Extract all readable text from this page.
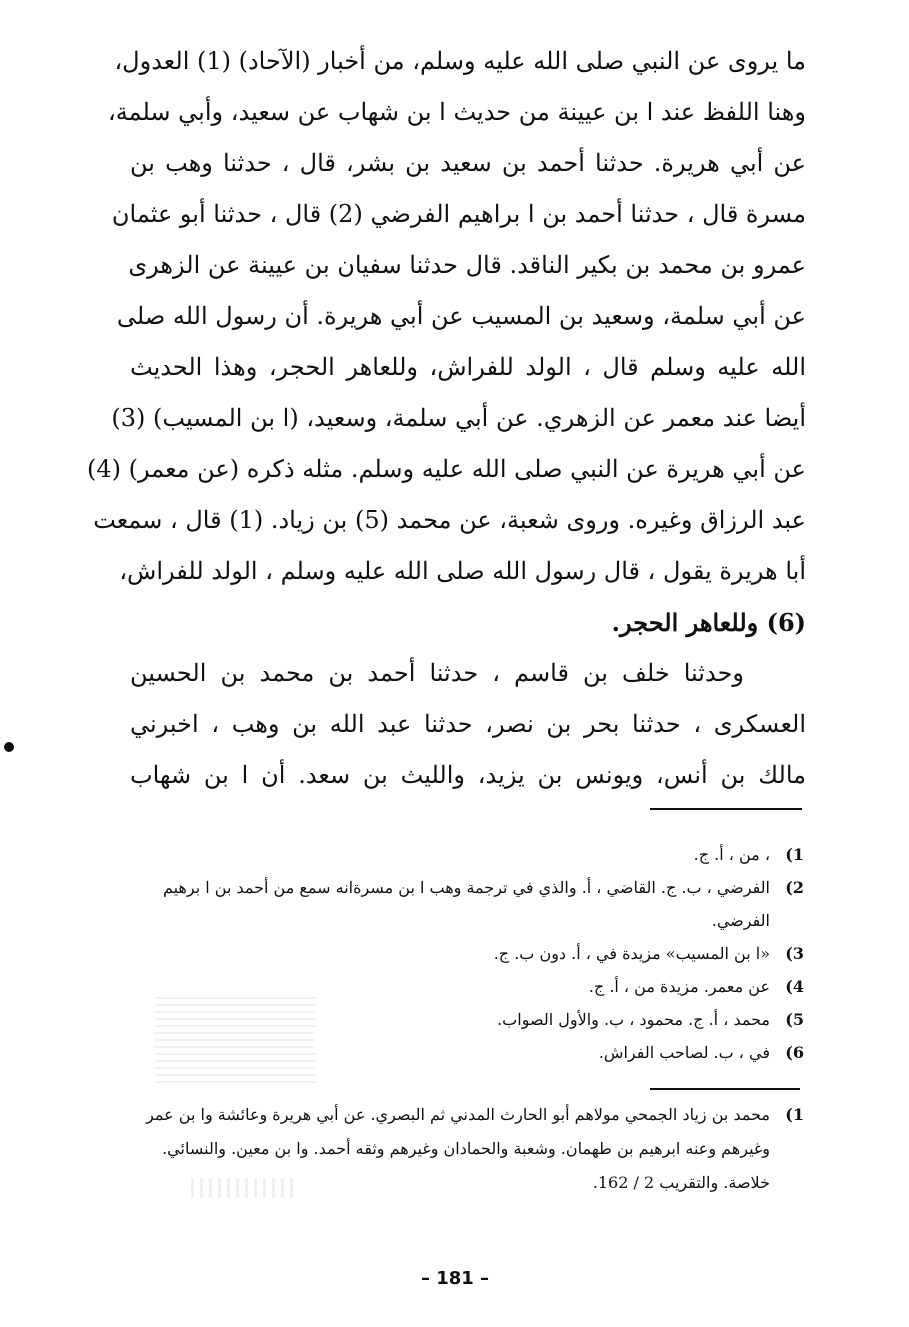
ما يروى عن النبي صلى الله عليه وسلم، من أخبار (الآحاد) (1) العدول،
وهنا اللفظ عند ا بن عيينة من حديث ا بن شهاب عن سعيد، وأبي سلمة،
عن أبي هريرة. حدثنا أحمد بن سعيد بن بشر، قال ، حدثنا وهب بن
مسرة قال ، حدثنا أحمد بن ا براهيم الفرضي (2) قال ، حدثنا أبو عثمان
عمرو بن محمد بن بكير الناقد. قال حدثنا سفيان بن عيينة عن الزهرى
عن أبي سلمة، وسعيد بن المسيب عن أبي هريرة. أن رسول الله صلى
الله عليه وسلم قال ، الولد للفراش، وللعاهر الحجر، وهذا الحديث
أيضا عند معمر عن الزهري. عن أبي سلمة، وسعيد، (ا بن المسيب) (3)
عن أبي هريرة عن النبي صلى الله عليه وسلم. مثله ذكره (عن معمر) (4)
عبد الرزاق وغيره. وروى شعبة، عن محمد (5) بن زياد. (1) قال ، سمعت
أبا هريرة يقول ، قال رسول الله صلى الله عليه وسلم ، الولد للفراش،
(6) وللعاهر الحجر.
وحدثنا خلف بن قاسم ، حدثنا أحمد بن محمد بن الحسين
العسكرى ، حدثنا بحر بن نصر، حدثنا عبد الله بن وهب ، اخبرني
مالك بن أنس، ويونس بن يزيد، والليث بن سعد. أن ا بن شهاب
1)
، من ، أ. ج.
2)
الفرضي ، ب. ج. القاضي ، أ. والذي في ترجمة وهب ا بن مسرةانه سمع من أحمد بن ا برهيم الفرضي.
3)
«ا بن المسيب» مزيدة في ، أ. دون ب. ج.
4)
عن معمر. مزيدة من ، أ. ج.
5)
محمد ، أ. ج. محمود ، ب. والأول الصواب.
6)
في ، ب. لصاحب الفراش.
1)
محمد بن زياد الجمحي مولاهم أبو الحارث المدني ثم البصري. عن أبي هريرة وعائشة وا بن عمر وغيرهم وعنه ابرهيم بن طهمان. وشعبة والحمادان وغيرهم وثقه أحمد. وا بن معين. والنسائي. خلاصة. والتقريب 2 / 162.
– 181 –
